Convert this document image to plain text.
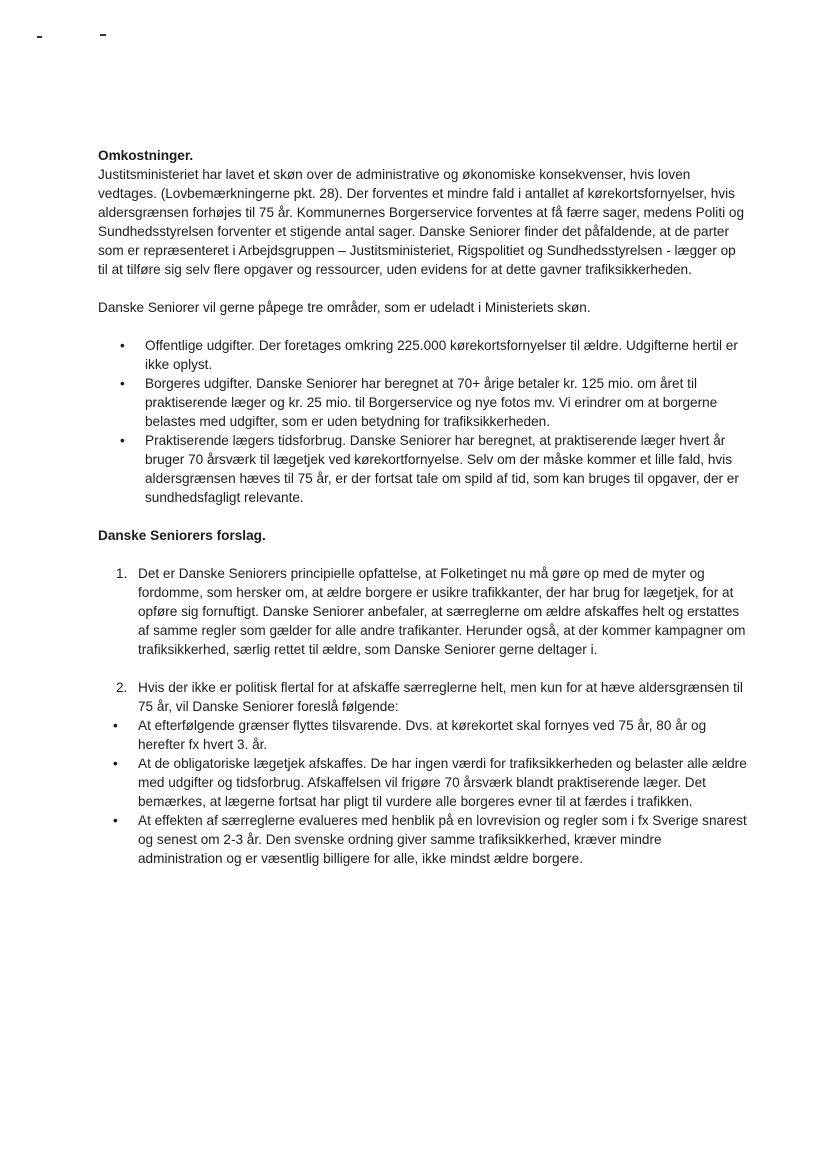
Omkostninger.

Justitsministeriet har lavet et skøn over de administrative og økonomiske konsekvenser, hvis loven vedtages. (Lovbemærkningerne pkt. 28). Der forventes et mindre fald i antallet af kørekortsfornyelser, hvis aldersgrænsen forhøjes til 75 år. Kommunernes Borgerservice forventes at få færre sager, medens Politi og Sundhedsstyrelsen forventer et stigende antal sager. Danske Seniorer finder det påfaldende, at de parter som er repræsenteret i Arbejdsgruppen – Justitsministeriet, Rigspolitiet og Sundhedsstyrelsen - lægger op til at tilføre sig selv flere opgaver og ressourcer, uden evidens for at dette gavner trafiksikkerheden.

Danske Seniorer vil gerne påpege tre områder, som er udeladt i Ministeriets skøn.

• Offentlige udgifter. Der foretages omkring 225.000 kørekortsfornyelser til ældre. Udgifterne hertil er ikke oplyst.
• Borgeres udgifter. Danske Seniorer har beregnet at 70+ årige betaler kr. 125 mio. om året til praktiserende læger og kr. 25 mio. til Borgerservice og nye fotos mv. Vi erindrer om at borgerne belastes med udgifter, som er uden betydning for trafiksikkerheden.
• Praktiserende lægers tidsforbrug. Danske Seniorer har beregnet, at praktiserende læger hvert år bruger 70 årsværk til lægetjek ved kørekortfornyelse. Selv om der måske kommer et lille fald, hvis aldersgrænsen hæves til 75 år, er der fortsat tale om spild af tid, som kan bruges til opgaver, der er sundhedsfagligt relevante.

Danske Seniorers forslag.

1. Det er Danske Seniorers principielle opfattelse, at Folketinget nu må gøre op med de myter og fordomme, som hersker om, at ældre borgere er usikre trafikkanter, der har brug for lægetjek, for at opføre sig fornuftigt. Danske Seniorer anbefaler, at særreglerne om ældre afskaffes helt og erstattes af samme regler som gælder for alle andre trafikanter. Herunder også, at der kommer kampagner om trafiksikkerhed, særlig rettet til ældre, som Danske Seniorer gerne deltager i.
2. Hvis der ikke er politisk flertal for at afskaffe særreglerne helt, men kun for at hæve aldersgrænsen til 75 år, vil Danske Seniorer foreslå følgende:
• At efterfølgende grænser flyttes tilsvarende. Dvs. at kørekortet skal fornyes ved 75 år, 80 år og herefter fx hvert 3. år.
• At de obligatoriske lægetjek afskaffes. De har ingen værdi for trafiksikkerheden og belaster alle ældre med udgifter og tidsforbrug. Afskaffelsen vil frigøre 70 årsværk blandt praktiserende læger. Det bemærkes, at lægerne fortsat har pligt til vurdere alle borgeres evner til at færdes i trafikken.
• At effekten af særreglerne evalueres med henblik på en lovrevision og regler som i fx Sverige snarest og senest om 2-3 år. Den svenske ordning giver samme trafiksikkerhed, kræver mindre administration og er væsentlig billigere for alle, ikke mindst ældre borgere.
